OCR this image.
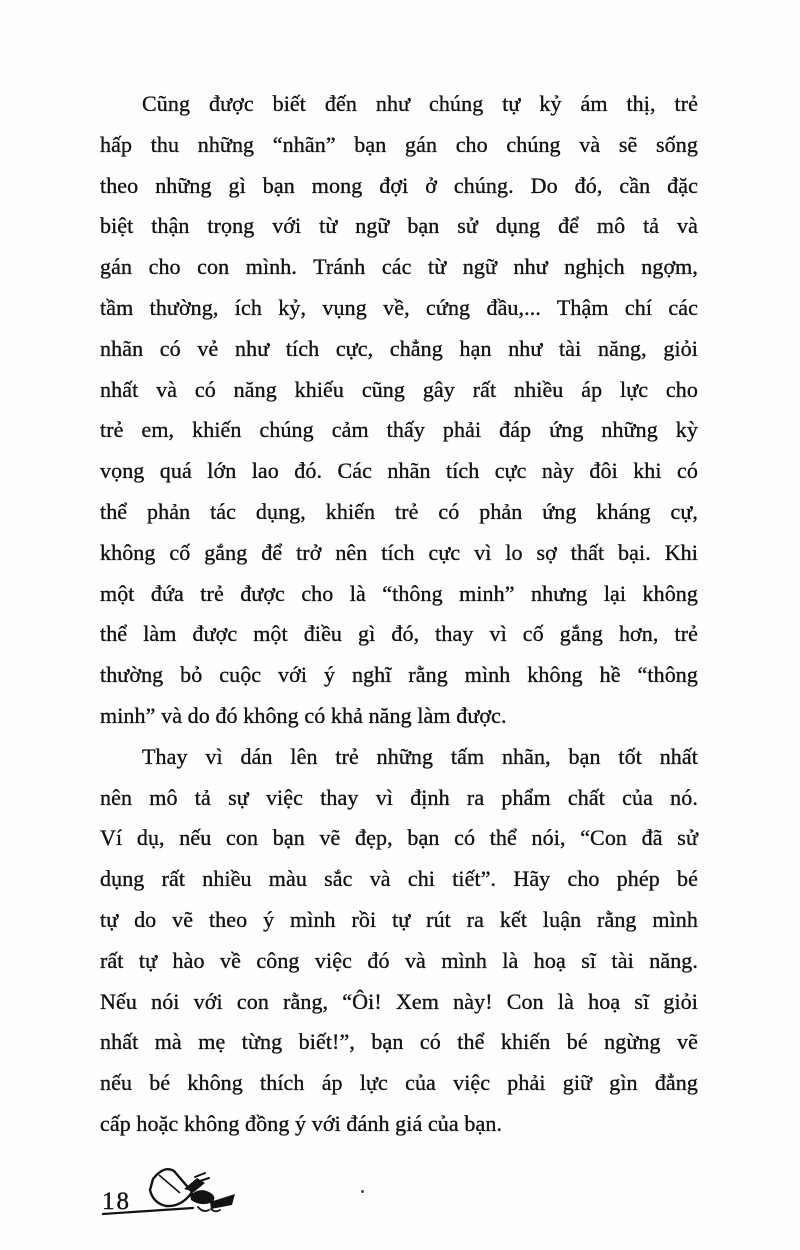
Cũng được biết đến như chúng tự kỷ ám thị, trẻ
hấp thu những “nhãn” bạn gán cho chúng và sẽ sống
theo những gì bạn mong đợi ở chúng. Do đó, cần đặc
biệt thận trọng với từ ngữ bạn sử dụng để mô tả và
gán cho con mình. Tránh các từ ngữ như nghịch ngợm,
tầm thường, ích kỷ, vụng về, cứng đầu,... Thậm chí các
nhãn có vẻ như tích cực, chẳng hạn như tài năng, giỏi
nhất và có năng khiếu cũng gây rất nhiều áp lực cho
trẻ em, khiến chúng cảm thấy phải đáp ứng những kỳ
vọng quá lớn lao đó. Các nhãn tích cực này đôi khi có
thể phản tác dụng, khiến trẻ có phản ứng kháng cự,
không cố gắng để trở nên tích cực vì lo sợ thất bại. Khi
một đứa trẻ được cho là “thông minh” nhưng lại không
thể làm được một điều gì đó, thay vì cố gắng hơn, trẻ
thường bỏ cuộc với ý nghĩ rằng mình không hề “thông
minh” và do đó không có khả năng làm được.
Thay vì dán lên trẻ những tấm nhãn, bạn tốt nhất
nên mô tả sự việc thay vì định ra phẩm chất của nó.
Ví dụ, nếu con bạn vẽ đẹp, bạn có thể nói, “Con đã sử
dụng rất nhiều màu sắc và chi tiết”. Hãy cho phép bé
tự do vẽ theo ý mình rồi tự rút ra kết luận rằng mình
rất tự hào về công việc đó và mình là hoạ sĩ tài năng.
Nếu nói với con rằng, “Ôi! Xem này! Con là hoạ sĩ giỏi
nhất mà mẹ từng biết!”, bạn có thể khiến bé ngừng vẽ
nếu bé không thích áp lực của việc phải giữ gìn đẳng
cấp hoặc không đồng ý với đánh giá của bạn.
18
